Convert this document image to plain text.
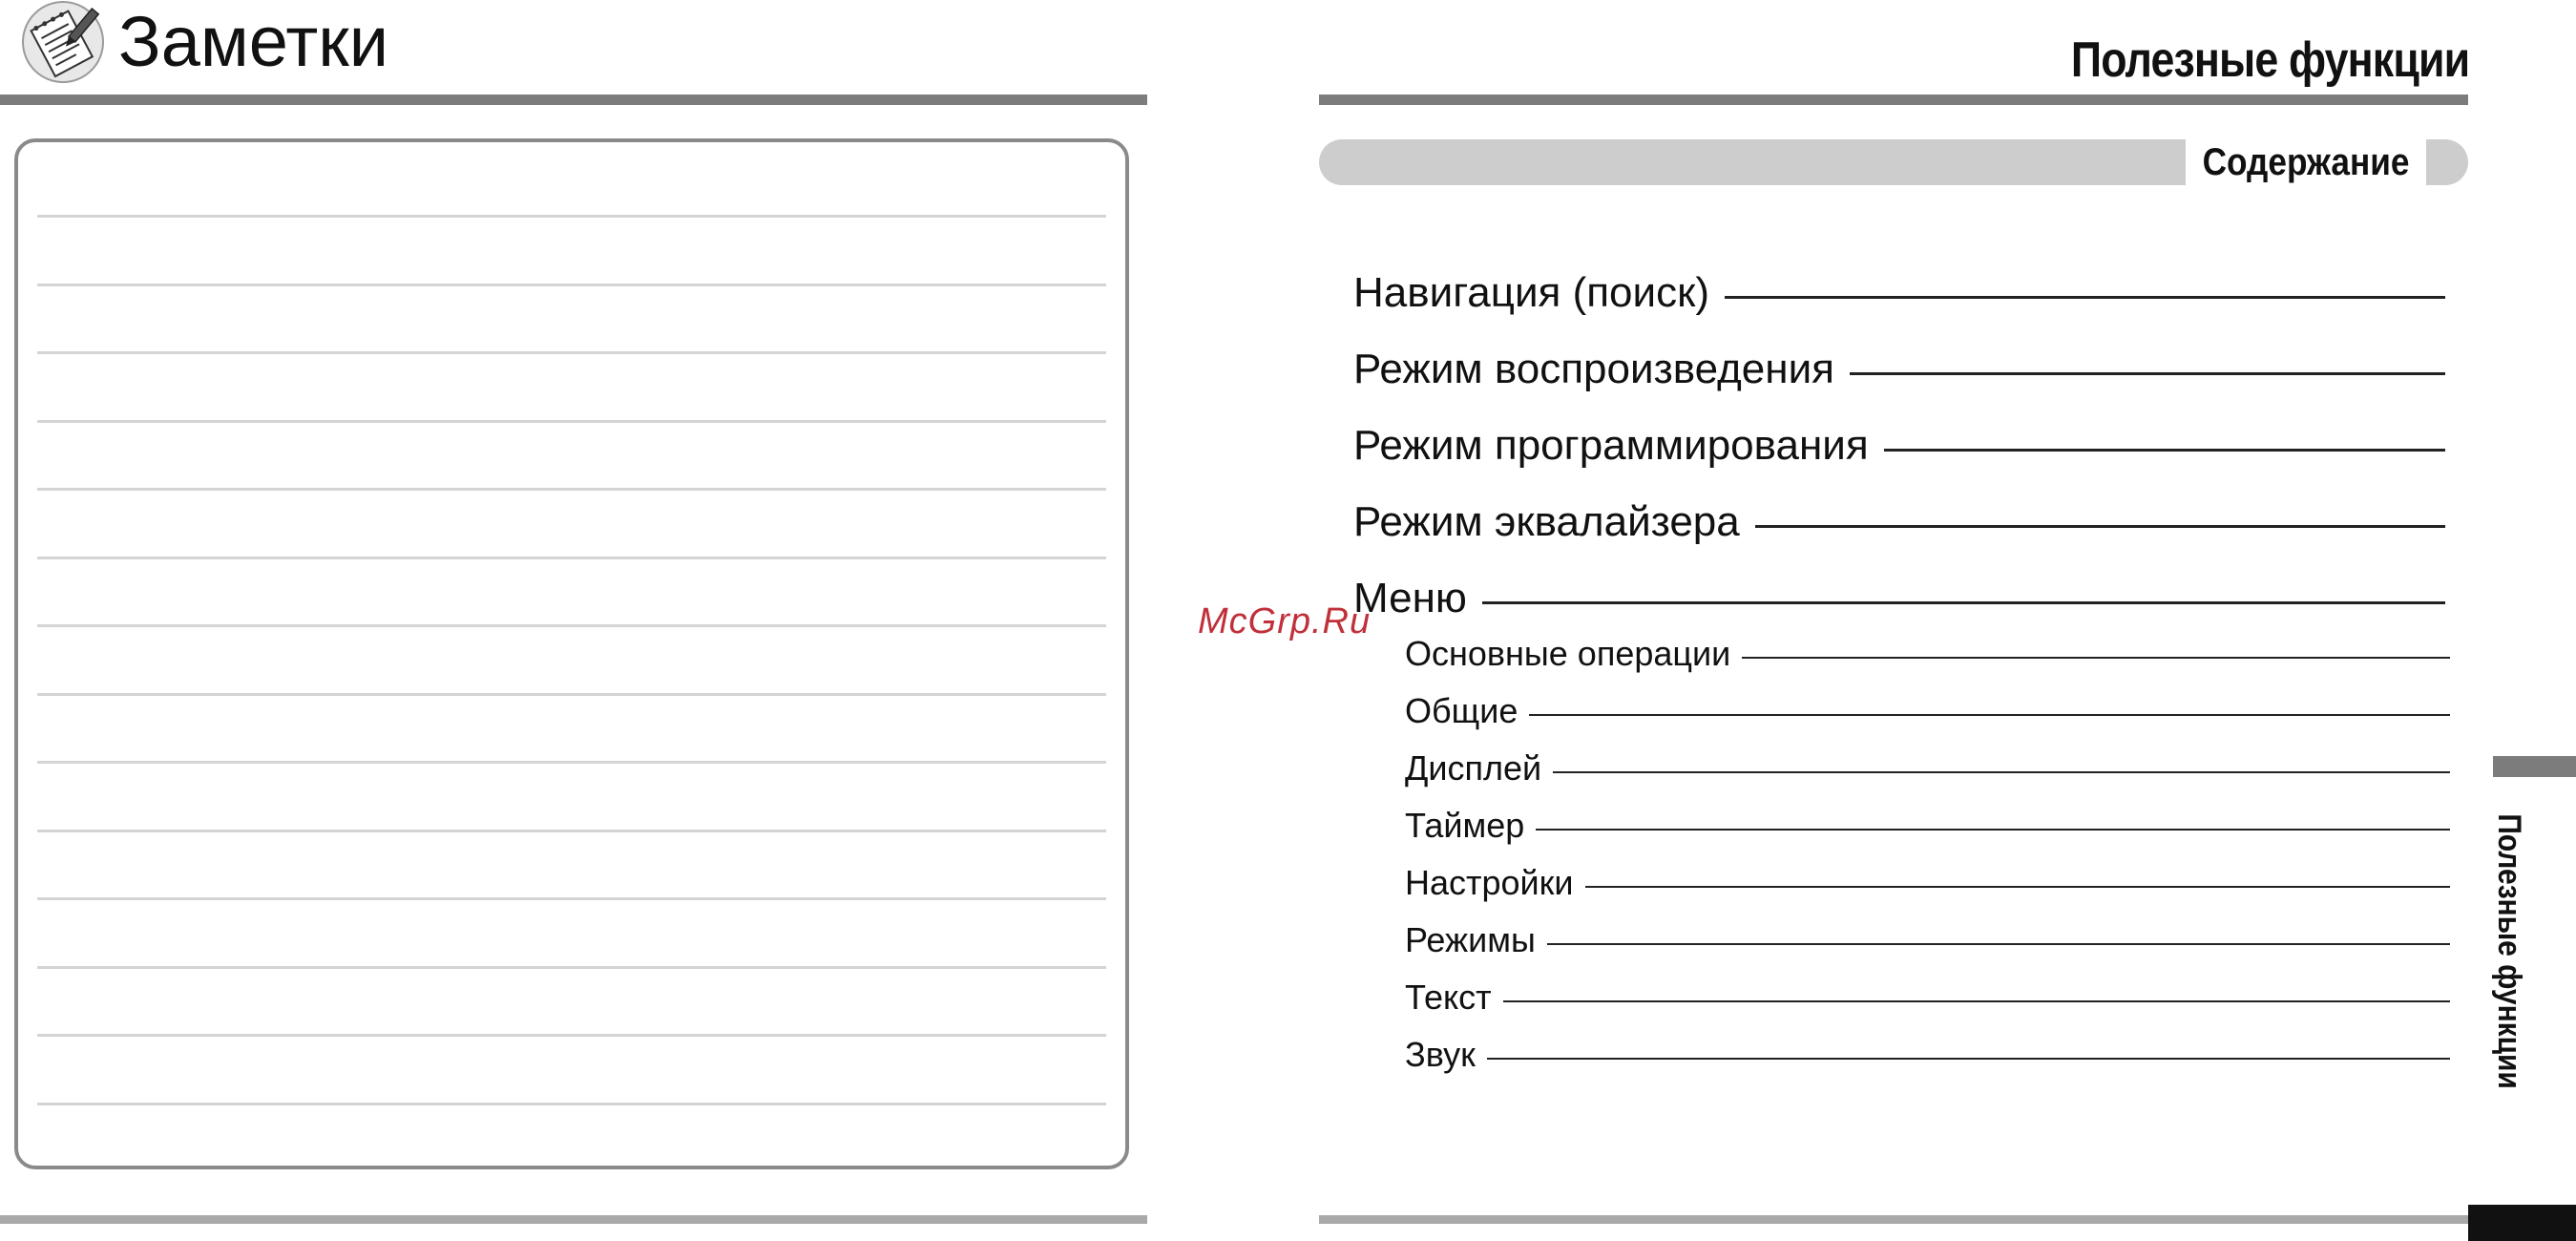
Заметки
McGrp.Ru
Полезные функции
Содержание
Навигация (поиск)
Режим воспроизведения
Режим программирования
Режим эквалайзера
Меню
Основные операции
Общие
Дисплей
Таймер
Настройки
Режимы
Текст
Звук	Полезные функции
